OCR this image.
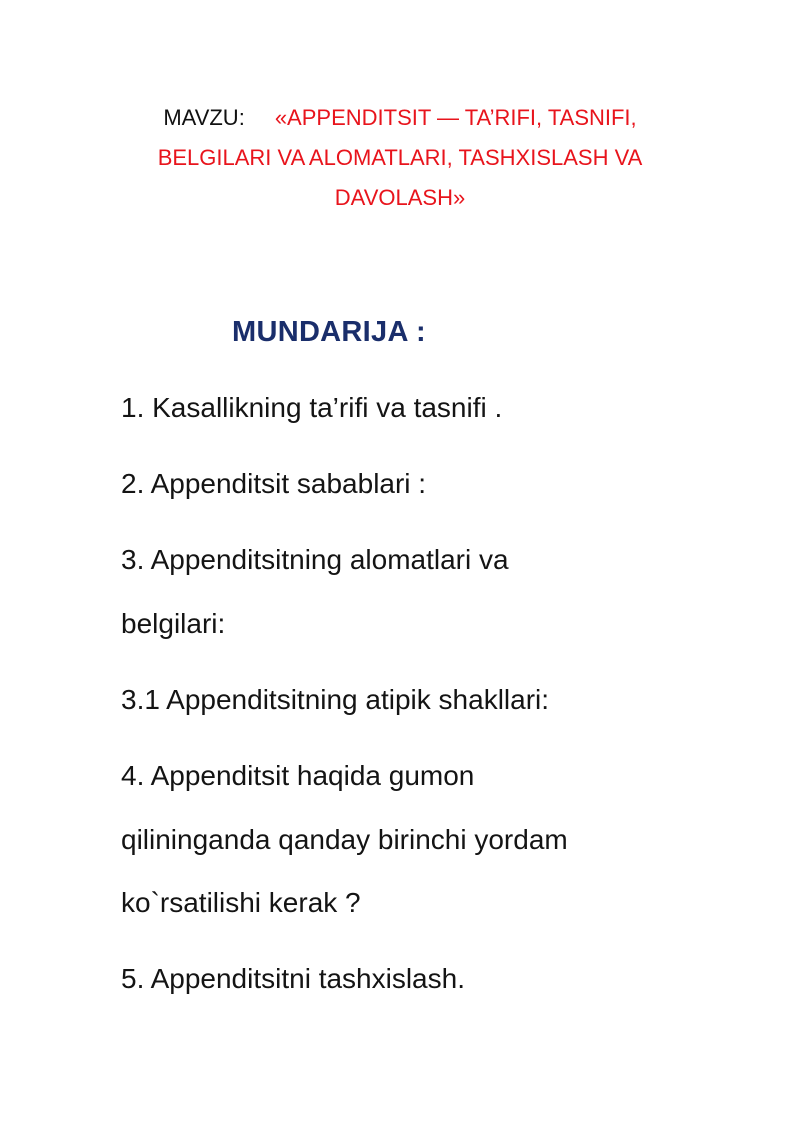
MAVZU: «APPENDITSIT — TA’RIFI, TASNIFI,
BELGILARI VA ALOMATLARI, TASHXISLASH VA
DAVOLASH»
MUNDARIJA :
1. Kasallikning ta’rifi va tasnifi .
2. Appenditsit sabablari :
3. Appenditsitning alomatlari va
belgilari:
3.1 Appenditsitning atipik shakllari:
4. Appenditsit haqida gumon
qilininganda qanday birinchi yordam
ko`rsatilishi kerak ?
5. Appenditsitni tashxislash.
